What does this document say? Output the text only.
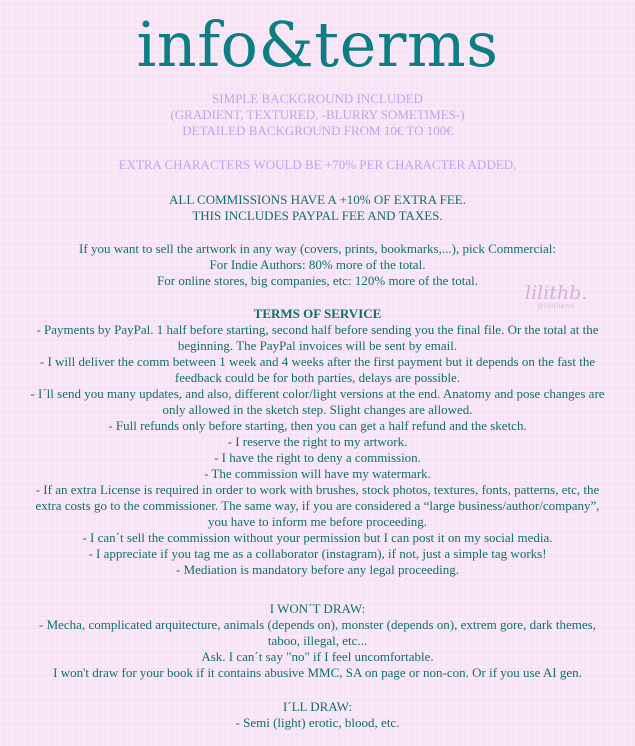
info&terms
SIMPLE BACKGROUND INCLUDED
(GRADIENT, TEXTURED, -BLURRY SOMETIMES-)
DETAILED BACKGROUND FROM 10€ TO 100€
EXTRA CHARACTERS WOULD BE +70% PER CHARACTER ADDED.
ALL COMMISSIONS HAVE A +10% OF EXTRA FEE.
THIS INCLUDES PAYPAL FEE AND TAXES.
If you want to sell the artwork in any way (covers, prints, bookmarks,...), pick Commercial:
For Indie Authors: 80% more of the total.
For online stores, big companies, etc: 120% more of the total.
lilithb.
@lilitherie
TERMS OF SERVICE
- Payments by PayPal. 1 half before starting, second half before sending you the final file. Or the total at the
beginning. The PayPal invoices will be sent by email.
- I will deliver the comm between 1 week and 4 weeks after the first payment but it depends on the fast the
feedback could be for both parties, delays are possible.
- I´ll send you many updates, and also, different color/light versions at the end. Anatomy and pose changes are
only allowed in the sketch step. Slight changes are allowed.
- Full refunds only before starting, then you can get a half refund and the sketch.
- I reserve the right to my artwork.
- I have the right to deny a commission.
- The commission will have my watermark.
- If an extra License is required in order to work with brushes, stock photos, textures, fonts, patterns, etc, the
extra costs go to the commissioner. The same way, if you are considered a “large business/author/company”,
you have to inform me before proceeding.
- I can´t sell the commission without your permission but I can post it on my social media.
- I appreciate if you tag me as a collaborator (instagram), if not, just a simple tag works!
- Mediation is mandatory before any legal proceeding.
I WON´T DRAW:
- Mecha, complicated arquitecture, animals (depends on), monster (depends on), extrem gore, dark themes,
taboo, illegal, etc...
Ask. I can´t say "no" if I feel uncomfortable.
I won't draw for your book if it contains abusive MMC, SA on page or non-con. Or if you use AI gen.
I´LL DRAW:
- Semi (light) erotic, blood, etc.
